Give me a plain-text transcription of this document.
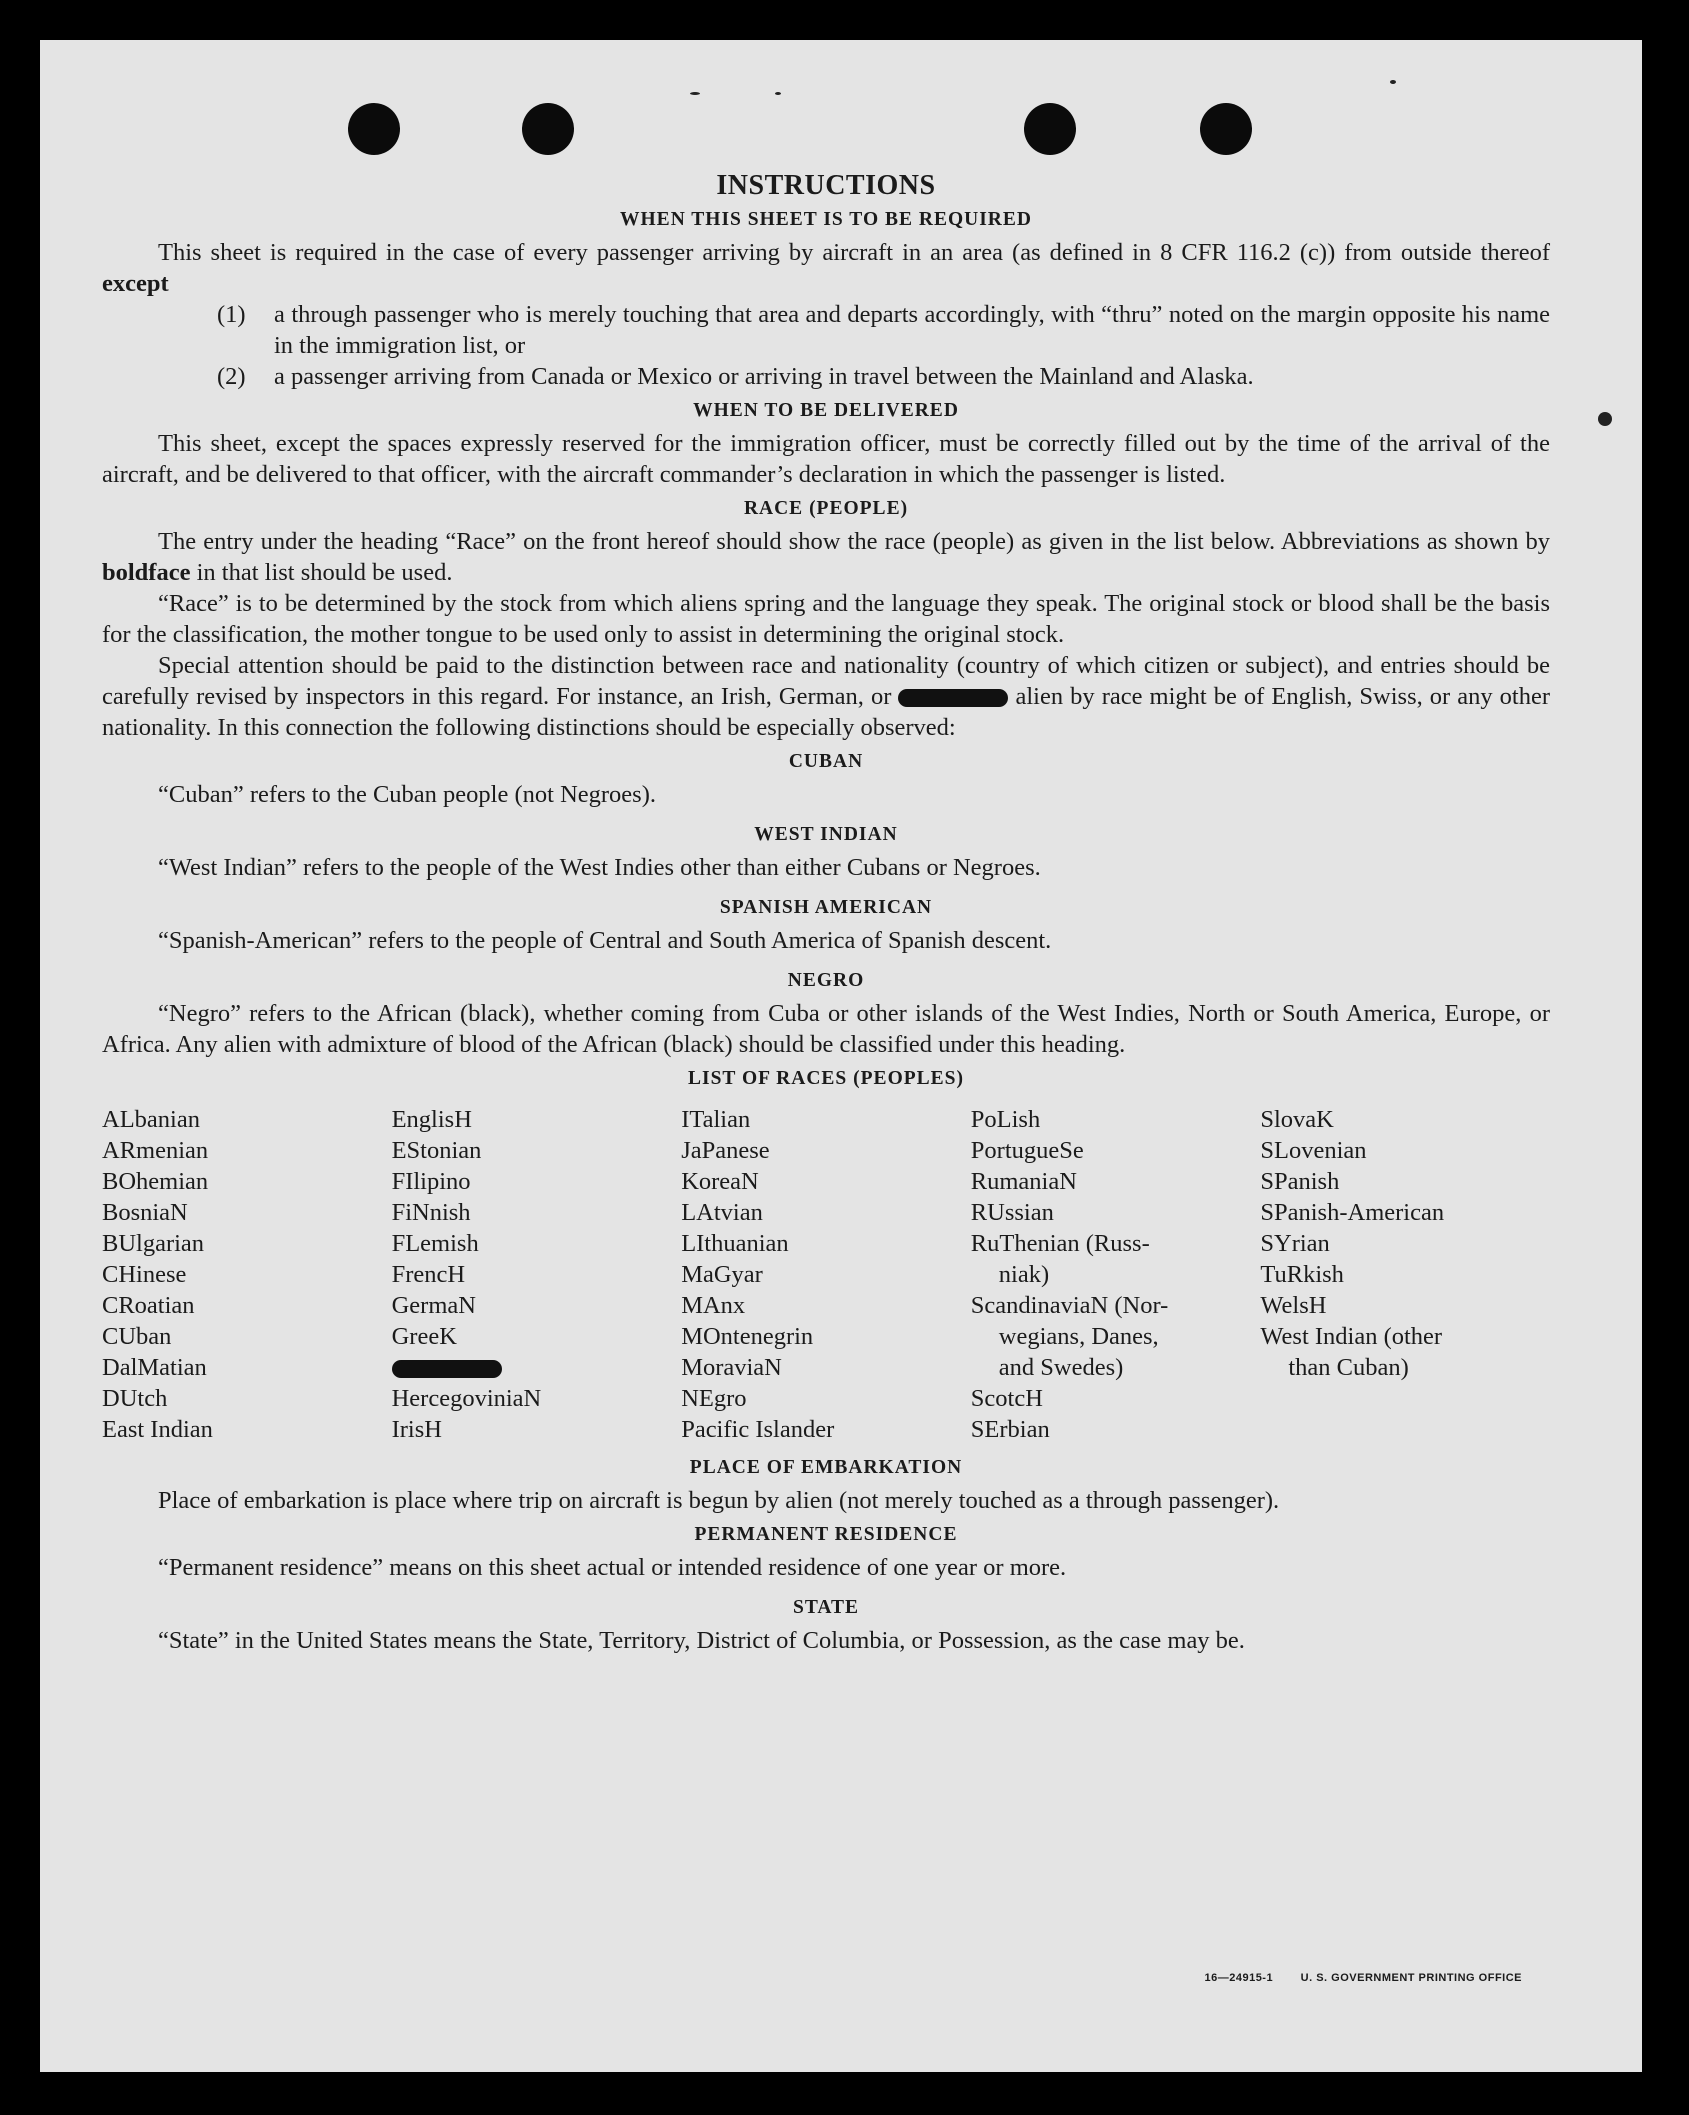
INSTRUCTIONS
WHEN THIS SHEET IS TO BE REQUIRED

This sheet is required in the case of every passenger arriving by aircraft in an area (as defined in 8 CFR 116.2 (c)) from outside thereof except

(1)	a through passenger who is merely touching that area and departs accordingly, with “thru” noted on the margin opposite his name in the immigration list, or
(2)	a passenger arriving from Canada or Mexico or arriving in travel between the Mainland and Alaska.
WHEN TO BE DELIVERED

This sheet, except the spaces expressly reserved for the immigration officer, must be correctly filled out by the time of the arrival of the aircraft, and be delivered to that officer, with the aircraft commander’s declaration in which the passenger is listed.

RACE (PEOPLE)

The entry under the heading “Race” on the front hereof should show the race (people) as given in the list below. Abbreviations as shown by boldface in that list should be used.

“Race” is to be determined by the stock from which aliens spring and the language they speak. The original stock or blood shall be the basis for the classification, the mother tongue to be used only to assist in determining the original stock.

Special attention should be paid to the distinction between race and nationality (country of which citizen or subject), and entries should be carefully revised by inspectors in this regard. For instance, an Irish, German, or	alien by race might be of English, Swiss, or any other nationality. In this connection the following distinctions should be especially observed:

CUBAN

“Cuban” refers to the Cuban people (not Negroes).

WEST INDIAN

“West Indian” refers to the people of the West Indies other than either Cubans or Negroes.

SPANISH AMERICAN

“Spanish-American” refers to the people of Central and South America of Spanish descent.

NEGRO

“Negro” refers to the African (black), whether coming from Cuba or other islands of the West Indies, North or South America, Europe, or Africa. Any alien with admixture of blood of the African (black) should be classified under this heading.

LIST OF RACES (PEOPLES)
ALbanian
ARmenian
BOhemian
BosniaN
BUlgarian
CHinese
CRoatian
CUban
DalMatian
DUtch
East Indian
EnglisH
EStonian
FIlipino
FiNnish
FLemish
FrencH
GermaN
GreeK
HercegoviniaN
IrisH
ITalian
JaPanese
KoreaN
LAtvian
LIthuanian
MaGyar
MAnx
MOntenegrin
MoraviaN
NEgro
Pacific Islander
PoLish
PortugueSe
RumaniaN
RUssian
RuThenian (Russ-
niak)
ScandinaviaN (Nor-
wegians, Danes,
and Swedes)
ScotcH
SErbian
SlovaK
SLovenian
SPanish
SPanish-American
SYrian
TuRkish
WelsH
West Indian (other
than Cuban)
PLACE OF EMBARKATION

Place of embarkation is place where trip on aircraft is begun by alien (not merely touched as a through passenger).

PERMANENT RESIDENCE

“Permanent residence” means on this sheet actual or intended residence of one year or more.

STATE

“State” in the United States means the State, Territory, District of Columbia, or Possession, as the case may be.

16—24915-1	U. S. GOVERNMENT PRINTING OFFICE
